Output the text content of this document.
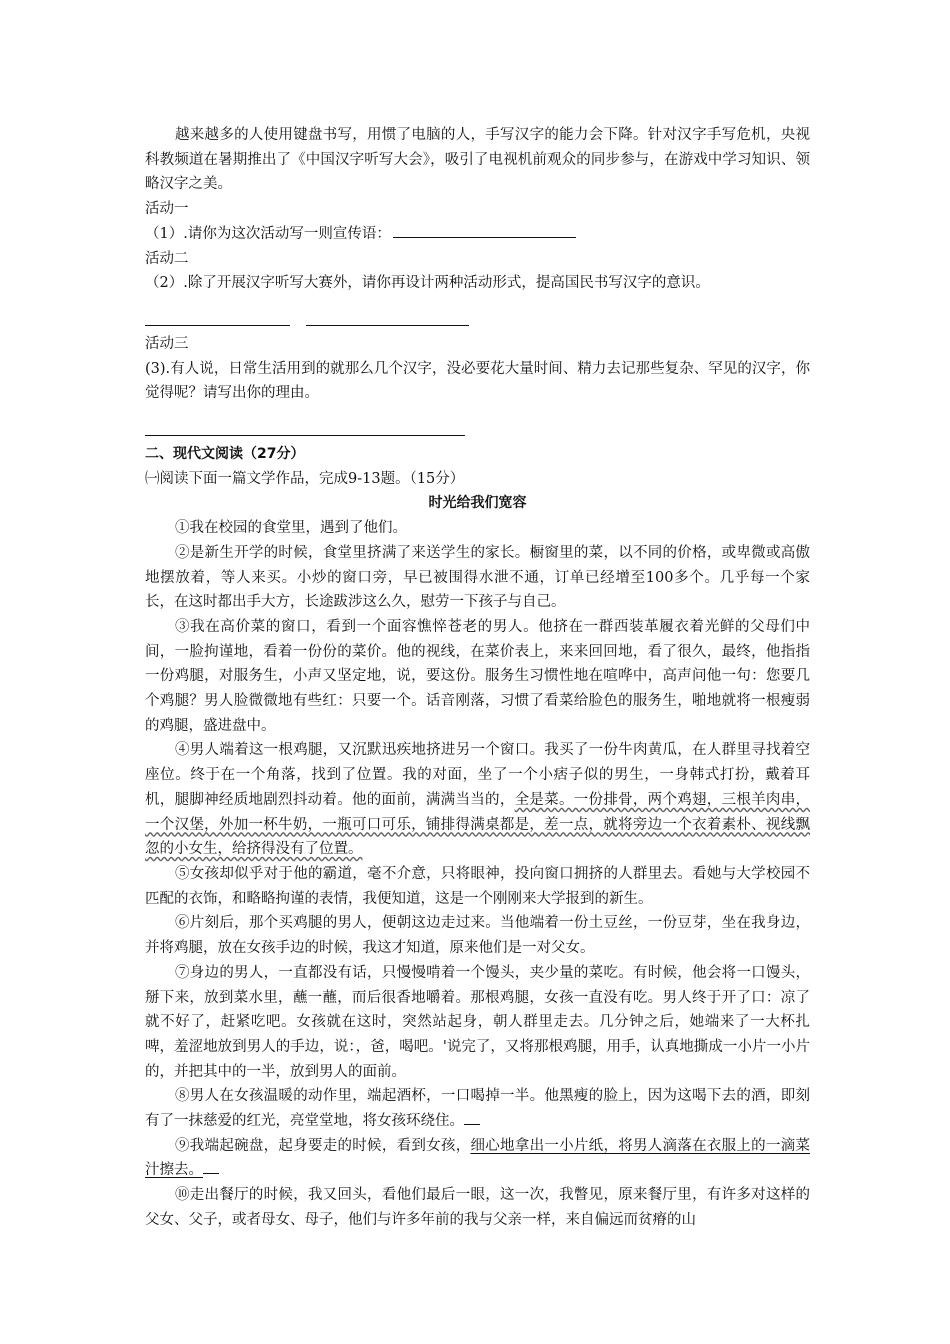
越来越多的人使用键盘书写，用惯了电脑的人，手写汉字的能力会下降。针对汉字手写危机，央视科教频道在暑期推出了《中国汉字听写大会》，吸引了电视机前观众的同步参与，在游戏中学习知识、领略汉字之美。

活动一

（1）.请你为这次活动写一则宣传语：

活动二

（2）.除了开展汉字听写大赛外，请你再设计两种活动形式，提高国民书写汉字的意识。

活动三

(3).有人说，日常生活用到的就那么几个汉字，没必要花大量时间、精力去记那些复杂、罕见的汉字，你觉得呢？请写出你的理由。

二、现代文阅读（27分）

㈠阅读下面一篇文学作品，完成9-13题。（15分）

时光给我们宽容

①我在校园的食堂里，遇到了他们。

②是新生开学的时候，食堂里挤满了来送学生的家长。橱窗里的菜，以不同的价格，或卑微或高傲地摆放着，等人来买。小炒的窗口旁，早已被围得水泄不通，订单已经增至100多个。几乎每一个家长，在这时都出手大方，长途跋涉这么久，慰劳一下孩子与自己。

③我在高价菜的窗口，看到一个面容憔悴苍老的男人。他挤在一群西装革履衣着光鲜的父母们中间，一脸拘谨地，看着一份份的菜价。他的视线，在菜价表上，来来回回地，看了很久，最终，他指指一份鸡腿，对服务生，小声又坚定地，说，要这份。服务生习惯性地在喧哗中，高声问他一句：您要几个鸡腿？男人脸微微地有些红：只要一个。话音刚落，习惯了看菜给脸色的服务生，啪地就将一根瘦弱的鸡腿，盛进盘中。

④男人端着这一根鸡腿，又沉默迅疾地挤进另一个窗口。我买了一份牛肉黄瓜，在人群里寻找着空座位。终于在一个角落，找到了位置。我的对面，坐了一个小痞子似的男生，一身韩式打扮，戴着耳机，腿脚神经质地剧烈抖动着。他的面前，满满当当的，全是菜。一份排骨，两个鸡翅，三根羊肉串，一个汉堡，外加一杯牛奶，一瓶可口可乐，铺排得满桌都是，差一点，就将旁边一个衣着素朴、视线飘忽的小女生，给挤得没有了位置。

⑤女孩却似乎对于他的霸道，毫不介意，只将眼神，投向窗口拥挤的人群里去。看她与大学校园不匹配的衣饰，和略略拘谨的表情，我便知道，这是一个刚刚来大学报到的新生。

⑥片刻后，那个买鸡腿的男人，便朝这边走过来。当他端着一份土豆丝，一份豆芽，坐在我身边，并将鸡腿，放在女孩手边的时候，我这才知道，原来他们是一对父女。

⑦身边的男人，一直都没有话，只慢慢啃着一个馒头，夹少量的菜吃。有时候，他会将一口馒头，掰下来，放到菜水里，蘸一蘸，而后很香地嚼着。那根鸡腿，女孩一直没有吃。男人终于开了口：凉了就不好了，赶紧吃吧。女孩就在这时，突然站起身，朝人群里走去。几分钟之后，她端来了一大杯扎啤，羞涩地放到男人的手边，说：，爸，喝吧。'说完了，又将那根鸡腿，用手，认真地撕成一小片一小片的，并把其中的一半，放到男人的面前。

⑧男人在女孩温暖的动作里，端起酒杯，一口喝掉一半。他黑瘦的脸上，因为这喝下去的酒，即刻有了一抹慈爱的红光，亮堂堂地，将女孩环绕住。

⑨我端起碗盘，起身要走的时候，看到女孩，细心地拿出一小片纸，将男人滴落在衣服上的一滴菜汁擦去。

⑩走出餐厅的时候，我又回头，看他们最后一眼，这一次，我瞥见，原来餐厅里，有许多对这样的父女、父子，或者母女、母子，他们与许多年前的我与父亲一样，来自偏远而贫瘠的山
